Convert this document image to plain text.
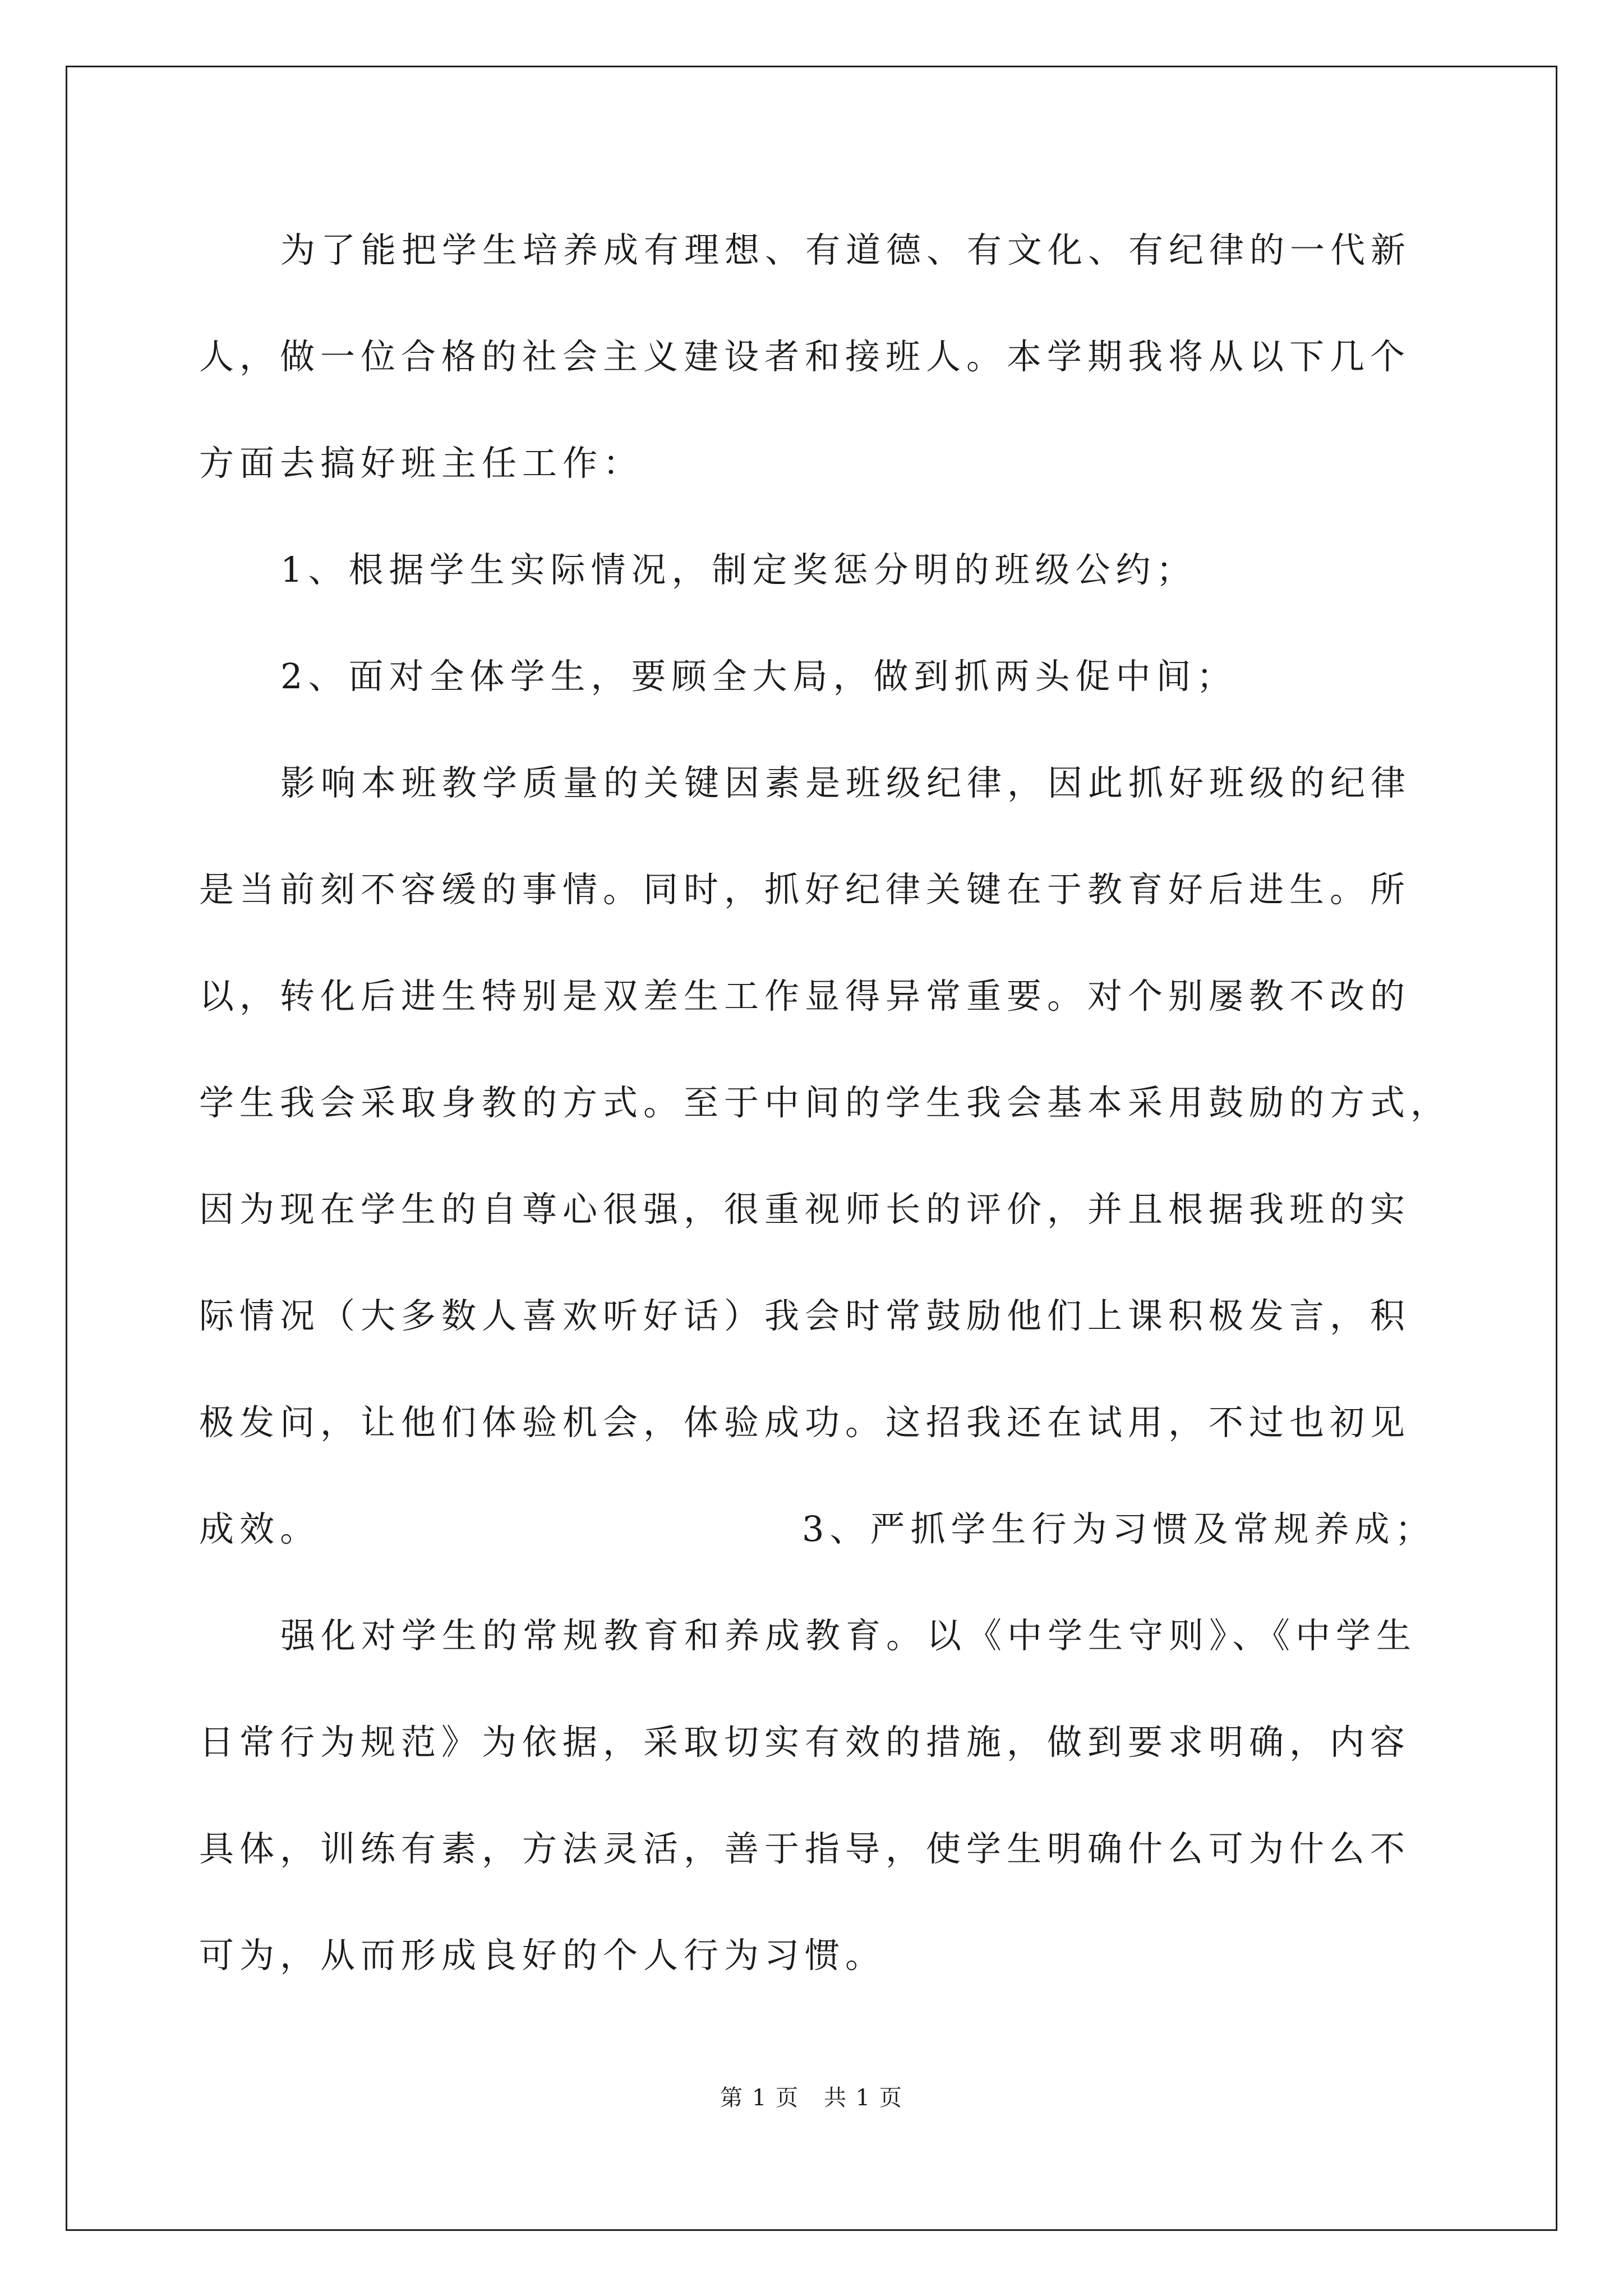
为了能把学生培养成有理想、有道德、有文化、有纪律的一代新
人，做一位合格的社会主义建设者和接班人。本学期我将从以下几个
方面去搞好班主任工作：
1、根据学生实际情况，制定奖惩分明的班级公约；
2、面对全体学生，要顾全大局，做到抓两头促中间；
影响本班教学质量的关键因素是班级纪律，因此抓好班级的纪律
是当前刻不容缓的事情。同时，抓好纪律关键在于教育好后进生。所
以，转化后进生特别是双差生工作显得异常重要。对个别屡教不改的
学生我会采取身教的方式。至于中间的学生我会基本采用鼓励的方式，
因为现在学生的自尊心很强，很重视师长的评价，并且根据我班的实
际情况（大多数人喜欢听好话）我会时常鼓励他们上课积极发言，积
极发问，让他们体验机会，体验成功。这招我还在试用，不过也初见
成效。	3、严抓学生行为习惯及常规养成；
强化对学生的常规教育和养成教育。以《中学生守则》、《中学生
日常行为规范》为依据，采取切实有效的措施，做到要求明确，内容
具体，训练有素，方法灵活，善于指导，使学生明确什么可为什么不
可为，从而形成良好的个人行为习惯。
第 1 页 共 1 页
